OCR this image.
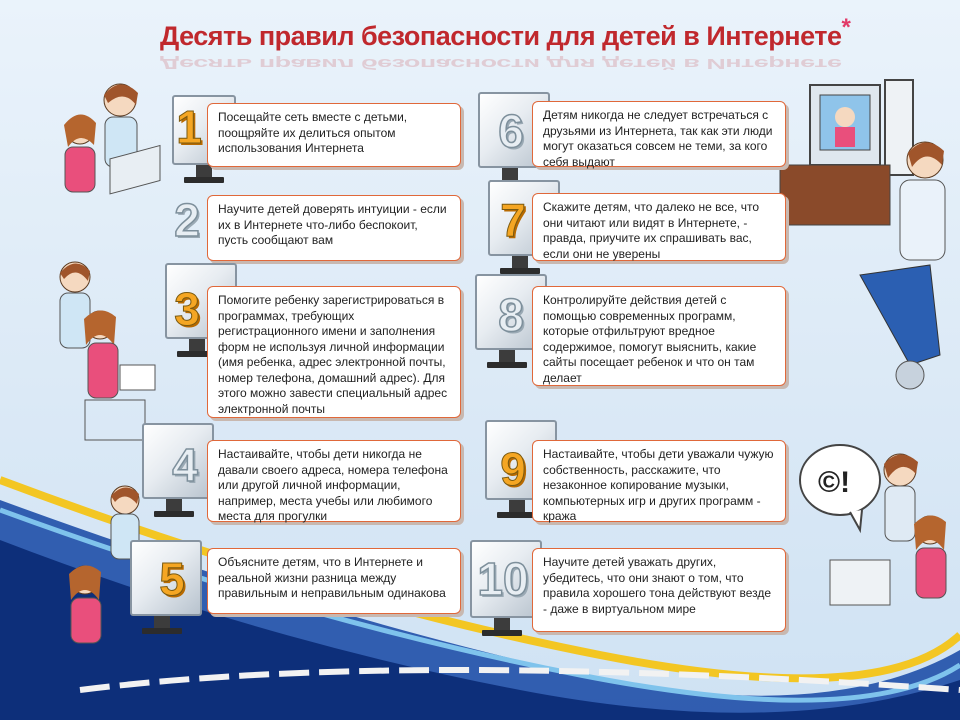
Десять правил безопасности для детей в Интернете*
Десять правил безопасности для детей в Интернете
©!
1	Посещайте сеть вместе с детьми, поощряйте их делиться опытом использования Интернета

2	Научите детей доверять интуиции - если их в Интернете что-либо беспокоит, пусть сообщают вам

3	Помогите ребенку зарегистрироваться в программах, требующих регистрационного имени и заполнения форм не используя личной информации (имя ребенка, адрес электронной почты, номер телефона, домашний адрес). Для этого можно завести специальный адрес электронной почты

4	Настаивайте, чтобы дети никогда не давали своего адреса, номера телефона или другой личной информации, например, места учебы или любимого места для прогулки

5	Объясните детям, что в Интернете и реальной жизни разница между правильным и неправильным одинакова

6	Детям никогда не следует встречаться с друзьями из Интернета, так как эти люди могут оказаться совсем не теми, за кого себя выдают

7	Скажите детям, что далеко не все, что они читают или видят в Интернете, - правда, приучите их спрашивать вас, если они не уверены

8	Контролируйте действия детей с помощью современных программ, которые отфильтруют вредное содержимое, помогут выяснить, какие сайты посещает ребенок и что он там делает

9	Настаивайте, чтобы дети уважали чужую собственность, расскажите, что незаконное копирование музыки, компьютерных игр и других программ - кража

10 Научите детей уважать других, убедитесь, что они знают о том, что правила хорошего тона действуют везде - даже в виртуальном мире
